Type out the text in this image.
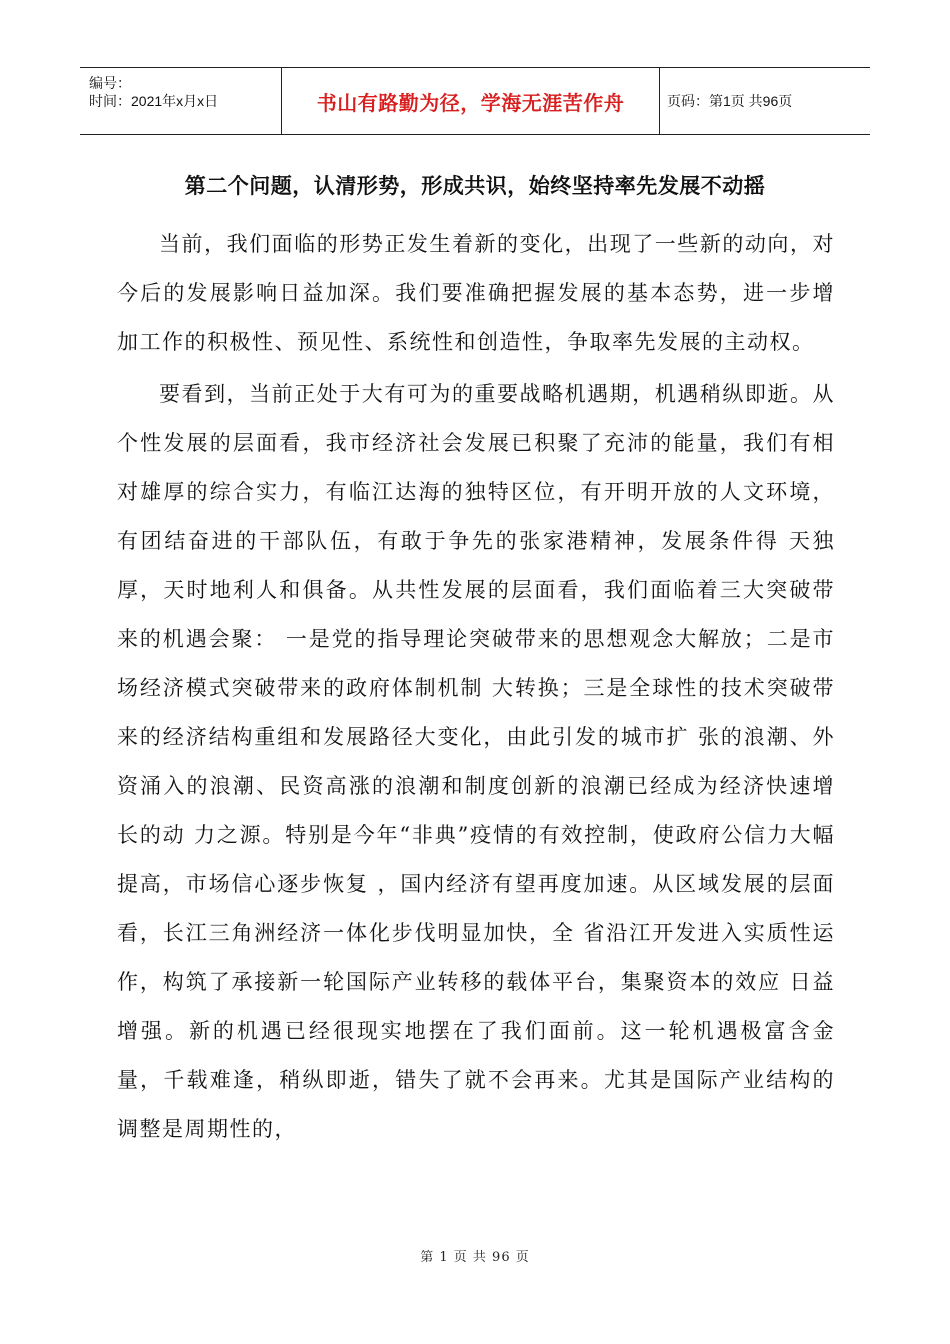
编号：
时间：2021年x月x日	书山有路勤为径，学海无涯苦作舟	页码：第1页 共96页
第二个问题，认清形势，形成共识，始终坚持率先发展不动摇

当前，我们面临的形势正发生着新的变化，出现了一些新的动向，对今后的发展影响日益加深。我们要准确把握发展的基本态势，进一步增加工作的积极性、预见性、系统性和创造性，争取率先发展的主动权。

要看到，当前正处于大有可为的重要战略机遇期，机遇稍纵即逝。从个性发展的层面看，我市经济社会发展已积聚了充沛的能量，我们有相对雄厚的综合实力，有临江达海的独特区位，有开明开放的人文环境，有团结奋进的干部队伍，有敢于争先的张家港精神，发展条件得 天独厚，天时地利人和俱备。从共性发展的层面看，我们面临着三大突破带来的机遇会聚： 一是党的指导理论突破带来的思想观念大解放；二是市场经济模式突破带来的政府体制机制 大转换；三是全球性的技术突破带来的经济结构重组和发展路径大变化，由此引发的城市扩 张的浪潮、外资涌入的浪潮、民资高涨的浪潮和制度创新的浪潮已经成为经济快速增长的动 力之源。特别是今年“非典”疫情的有效控制，使政府公信力大幅提高，市场信心逐步恢复 ，国内经济有望再度加速。从区域发展的层面看，长江三角洲经济一体化步伐明显加快，全 省沿江开发进入实质性运作，构筑了承接新一轮国际产业转移的载体平台，集聚资本的效应 日益增强。新的机遇已经很现实地摆在了我们面前。这一轮机遇极富含金量，千载难逢，稍纵即逝，错失了就不会再来。尤其是国际产业结构的调整是周期性的，

第 1 页 共 96 页
